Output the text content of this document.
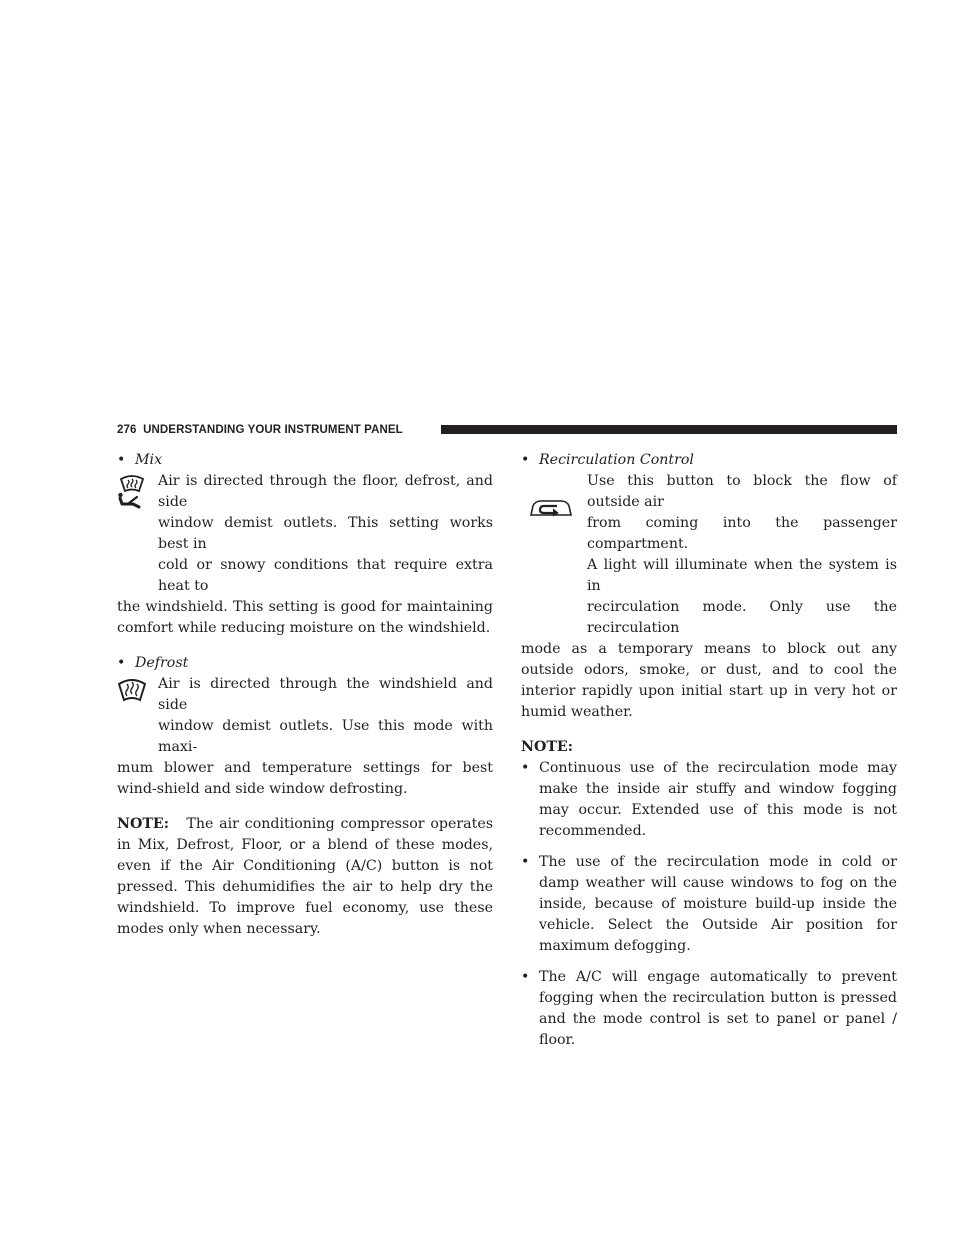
276 UNDERSTANDING YOUR INSTRUMENT PANEL

• Mix

Air is directed through the floor, defrost, and side

window demist outlets. This setting works best in

cold or snowy conditions that require extra heat to

the windshield. This setting is good for maintaining comfort while reducing moisture on the windshield.

• Defrost

Air is directed through the windshield and side

window demist outlets. Use this mode with maxi-

mum blower and temperature settings for best wind-shield and side window defrosting.

NOTE: The air conditioning compressor operates in Mix, Defrost, Floor, or a blend of these modes, even if the Air Conditioning (A/C) button is not pressed. This dehumidifies the air to help dry the windshield. To improve fuel economy, use these modes only when necessary.

• Recirculation Control

Use this button to block the flow of outside air

from coming into the passenger compartment.

A light will illuminate when the system is in

recirculation mode. Only use the recirculation

mode as a temporary means to block out any outside odors, smoke, or dust, and to cool the interior rapidly upon initial start up in very hot or humid weather.

NOTE:

• Continuous use of the recirculation mode may make the inside air stuffy and window fogging may occur. Extended use of this mode is not recommended.

• The use of the recirculation mode in cold or damp weather will cause windows to fog on the inside, because of moisture build-up inside the vehicle. Select the Outside Air position for maximum defogging.

• The A/C will engage automatically to prevent fogging when the recirculation button is pressed and the mode control is set to panel or panel / floor.
